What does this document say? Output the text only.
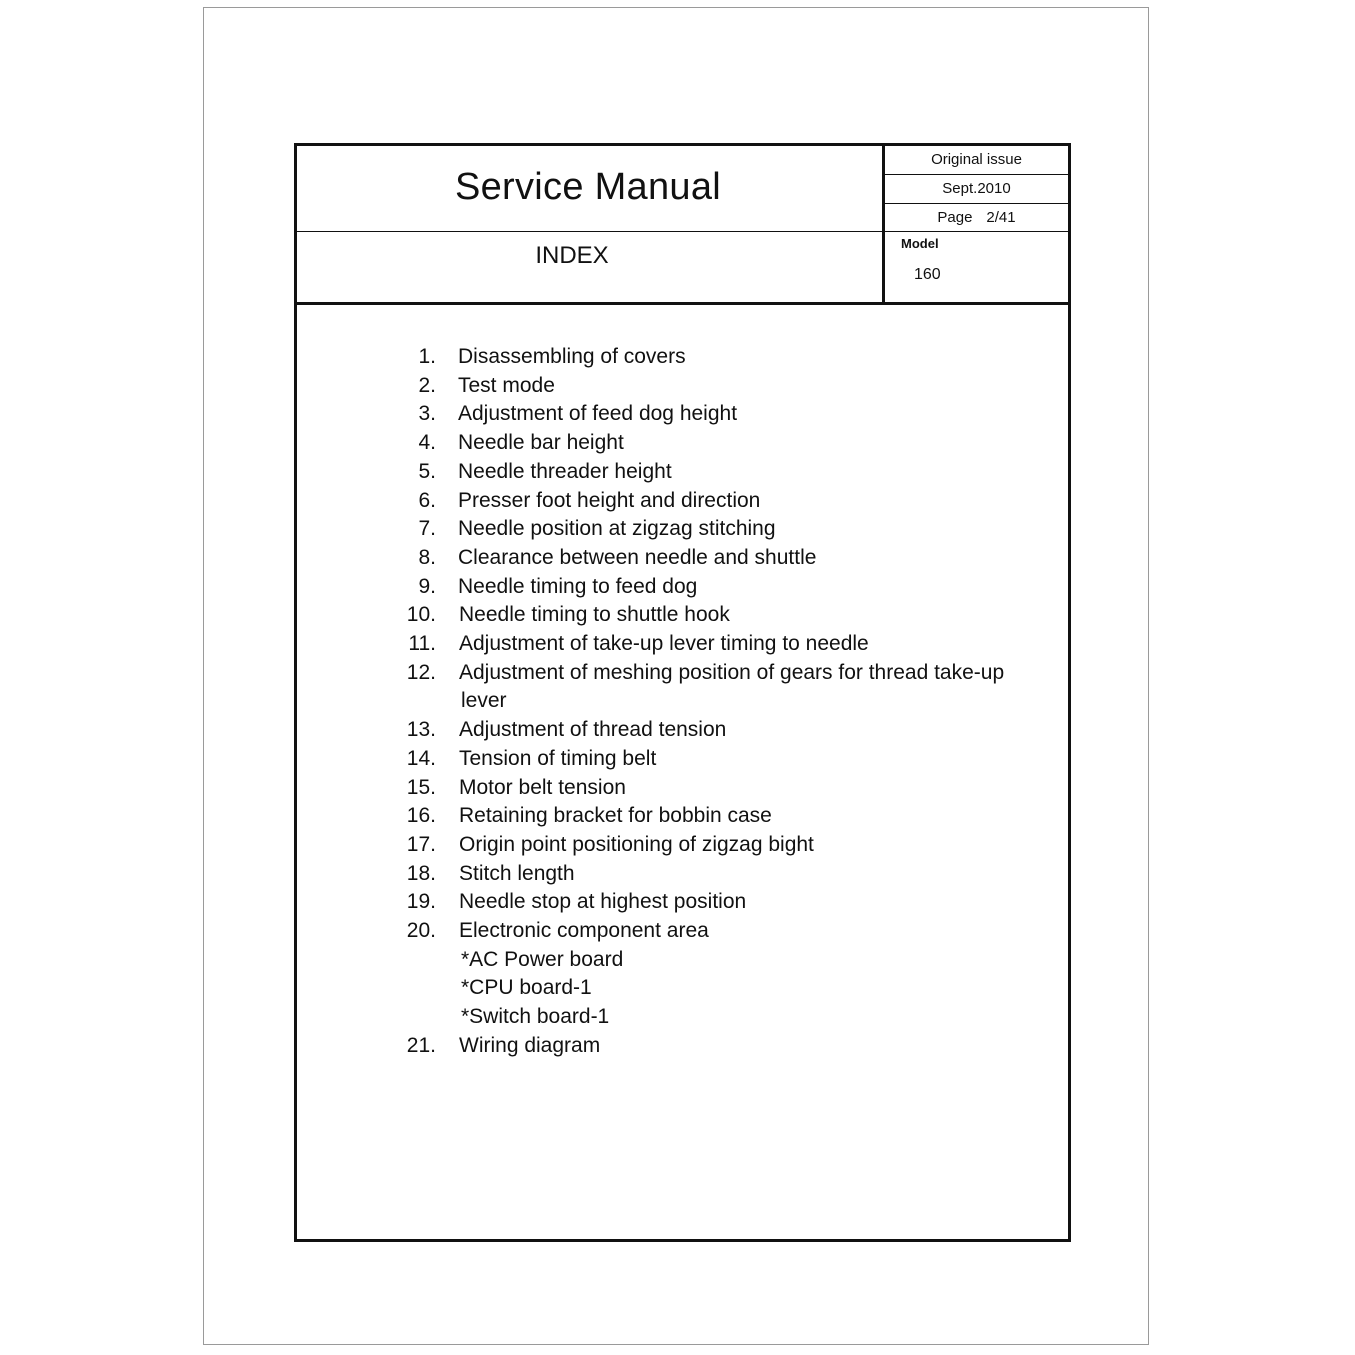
Service Manual
INDEX
Original issue
Sept.2010
Page 2/41
Model
160
1. Disassembling of covers
2. Test mode
3. Adjustment of feed dog height
4. Needle bar height
5. Needle threader height
6. Presser foot height and direction
7. Needle position at zigzag stitching
8. Clearance between needle and shuttle
9. Needle timing to feed dog
10. Needle timing to shuttle hook
11. Adjustment of take-up lever timing to needle
12. Adjustment of meshing position of gears for thread take-up
lever
13. Adjustment of thread tension
14. Tension of timing belt
15. Motor belt tension
16. Retaining bracket for bobbin case
17. Origin point positioning of zigzag bight
18. Stitch length
19. Needle stop at highest position
20. Electronic component area
*AC Power board
*CPU board-1
*Switch board-1
21. Wiring diagram
